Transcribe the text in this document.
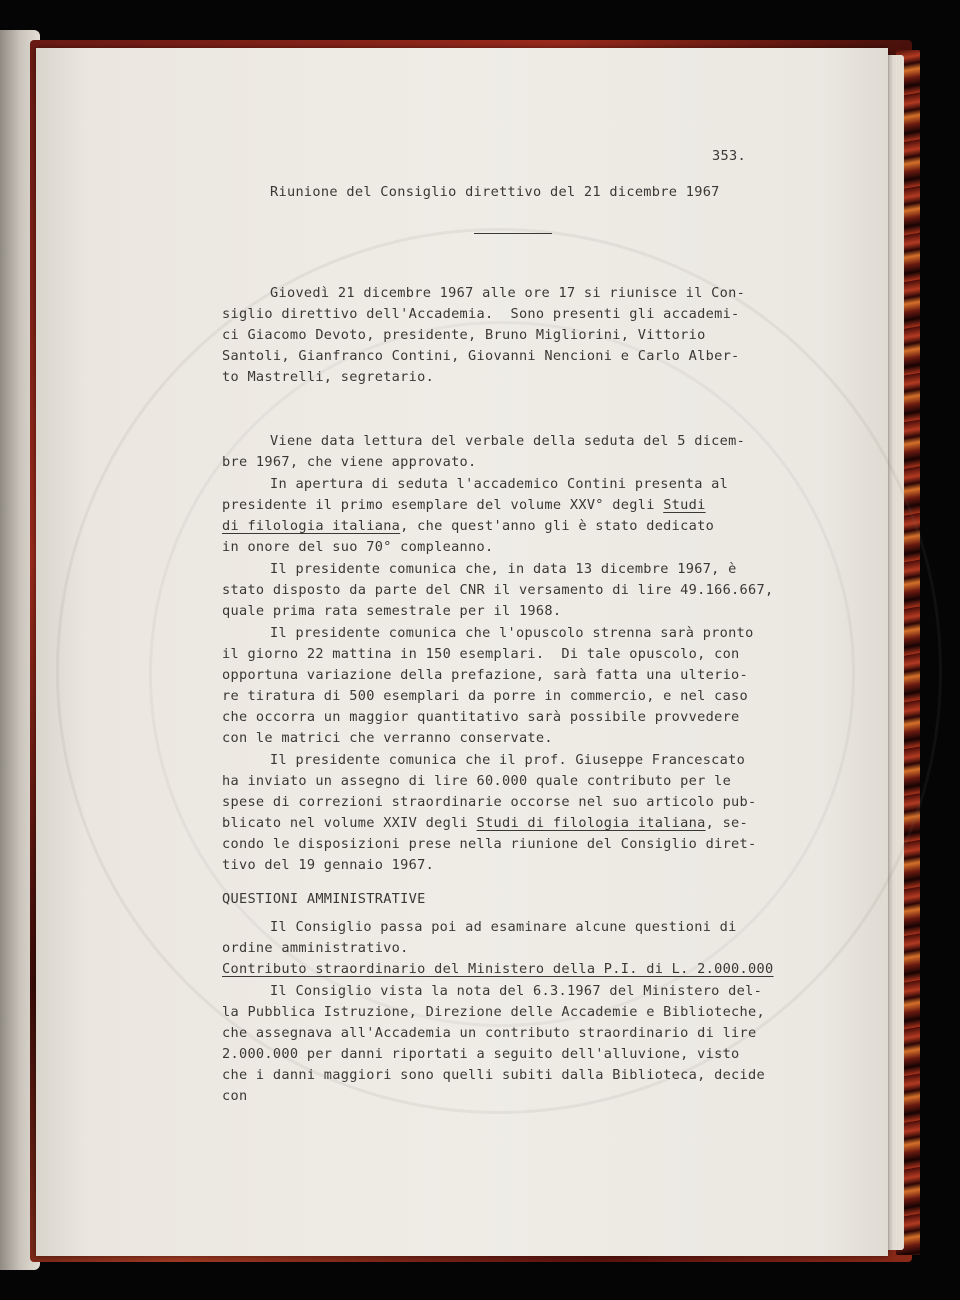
353.
Riunione del Consiglio direttivo del 21 dicembre 1967
Giovedì 21 dicembre 1967 alle ore 17 si riunisce il Con-
siglio direttivo dell'Accademia.  Sono presenti gli accademi-
ci Giacomo Devoto, presidente, Bruno Migliorini, Vittorio
Santoli, Gianfranco Contini, Giovanni Nencioni e Carlo Alber-
to Mastrelli, segretario.
Viene data lettura del verbale della seduta del 5 dicem-
bre 1967, che viene approvato.
In apertura di seduta l'accademico Contini presenta al
presidente il primo esemplare del volume XXV° degli Studi
di filologia italiana, che quest'anno gli è stato dedicato
in onore del suo 70° compleanno.
Il presidente comunica che, in data 13 dicembre 1967, è
stato disposto da parte del CNR il versamento di lire 49.166.667,
quale prima rata semestrale per il 1968.
Il presidente comunica che l'opuscolo strenna sarà pronto
il giorno 22 mattina in 150 esemplari.  Di tale opuscolo, con
opportuna variazione della prefazione, sarà fatta una ulterio-
re tiratura di 500 esemplari da porre in commercio, e nel caso
che occorra un maggior quantitativo sarà possibile provvedere
con le matrici che verranno conservate.
Il presidente comunica che il prof. Giuseppe Francescato
ha inviato un assegno di lire 60.000 quale contributo per le
spese di correzioni straordinarie occorse nel suo articolo pub-
blicato nel volume XXIV degli Studi di filologia italiana, se-
condo le disposizioni prese nella riunione del Consiglio diret-
tivo del 19 gennaio 1967.
QUESTIONI AMMINISTRATIVE
Il Consiglio passa poi ad esaminare alcune questioni di
ordine amministrativo.
Contributo straordinario del Ministero della P.I. di L. 2.000.000
Il Consiglio vista la nota del 6.3.1967 del Ministero del-
la Pubblica Istruzione, Direzione delle Accademie e Biblioteche,
che assegnava all'Accademia un contributo straordinario di lire
2.000.000 per danni riportati a seguito dell'alluvione, visto
che i danni maggiori sono quelli subiti dalla Biblioteca, decide
con
